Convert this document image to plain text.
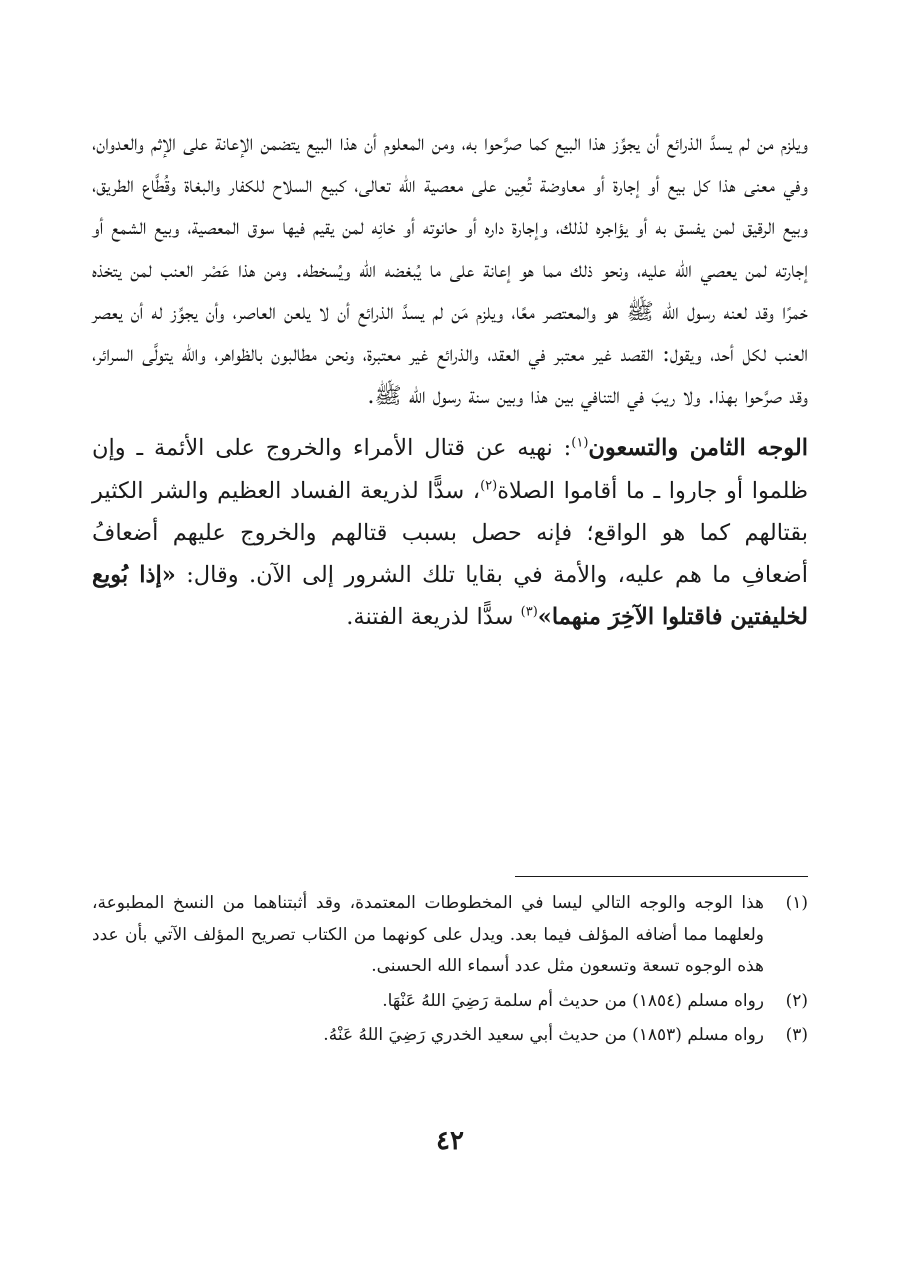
ويلزم من لم يسدَّ الذرائع أن يجوِّز هذا البيع كما صرَّحوا به، ومن المعلوم أن هذا البيع يتضمن الإعانة على الإثم والعدوان، وفي معنى هذا كل بيع أو إجارة أو معاوضة تُعِين على معصية الله تعالى، كبيع السلاح للكفار والبغاة وقُطَّاع الطريق، وبيع الرقيق لمن يفسق به أو يؤاجره لذلك، وإجارة داره أو حانوته أو خانِه لمن يقيم فيها سوق المعصية، وبيع الشمع أو إجارته لمن يعصي الله عليه، ونحو ذلك مما هو إعانة على ما يُبغضه الله ويُسخطه. ومن هذا عَصْر العنب لمن يتخذه خمرًا وقد لعنه رسول الله ﷺ هو والمعتصر معًا، ويلزم مَن لم يسدَّ الذرائع أن لا يلعن العاصر، وأن يجوِّز له أن يعصر العنب لكل أحد، ويقول: القصد غير معتبر في العقد، والذرائع غير معتبرة، ونحن مطالبون بالظواهر، والله يتولَّى السرائر، وقد صرَّحوا بهذا. ولا ريبَ في التنافي بين هذا وبين سنة رسول الله ﷺ.

الوجه الثامن والتسعون$^{(١)}$: نهيه عن قتال الأمراء والخروج على الأئمة ـ وإن ظلموا أو جاروا ـ ما أقاموا الصلاة$^{(٢)}$، سدًّا لذريعة الفساد العظيم والشر الكثير بقتالهم كما هو الواقع؛ فإنه حصل بسبب قتالهم والخروج عليهم أضعافُ أضعافِ ما هم عليه، والأمة في بقايا تلك الشرور إلى الآن. وقال: «إذا بُويع لخليفتين فاقتلوا الآخِرَ منهما»$^{(٣)}$ سدًّا لذريعة الفتنة.

(١)
هذا الوجه والوجه التالي ليسا في المخطوطات المعتمدة، وقد أثبتناهما من النسخ المطبوعة، ولعلهما مما أضافه المؤلف فيما بعد. ويدل على كونهما من الكتاب تصريح المؤلف الآتي بأن عدد هذه الوجوه تسعة وتسعون مثل عدد أسماء الله الحسنى.
(٢)
رواه مسلم (١٨٥٤) من حديث أم سلمة رَضِيَ اللهُ عَنْهَا.
(٣)
رواه مسلم (١٨٥٣) من حديث أبي سعيد الخدري رَضِيَ اللهُ عَنْهُ.
٤٢
